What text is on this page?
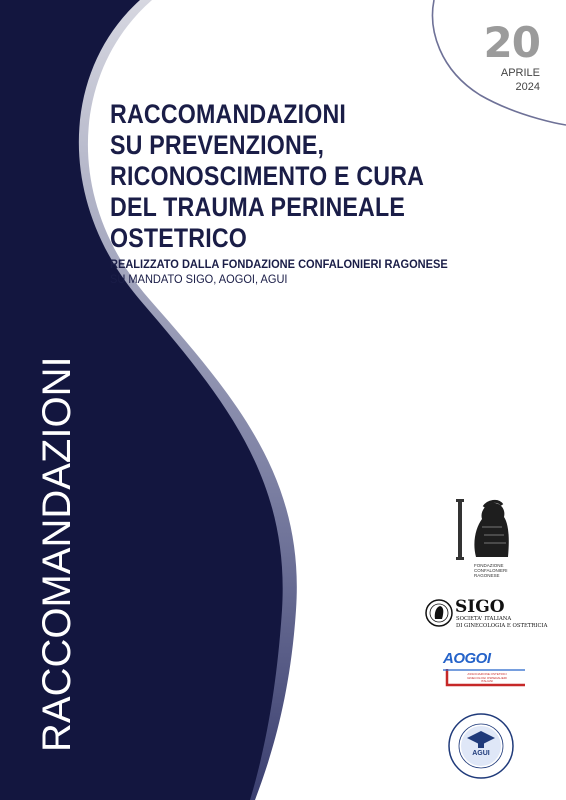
20
APRILE
2024
RACCOMANDAZIONI
SU PREVENZIONE,
RICONOSCIMENTO E CURA
DEL TRAUMA PERINEALE
OSTETRICO
REALIZZATO DALLA FONDAZIONE CONFALONIERI RAGONESE
SU MANDATO SIGO, AOGOI, AGUI
RACCOMANDAZIONI	FONDAZIONE
CONFALONIERI
RAGONESE
SIGO
SOCIETA' ITALIANA
DI GINECOLOGIA E OSTETRICIA
AOGOI
ASSOCIAZIONE OSTETRICI GINECOLOGI OSPEDALIERI ITALIANI
AGUI
